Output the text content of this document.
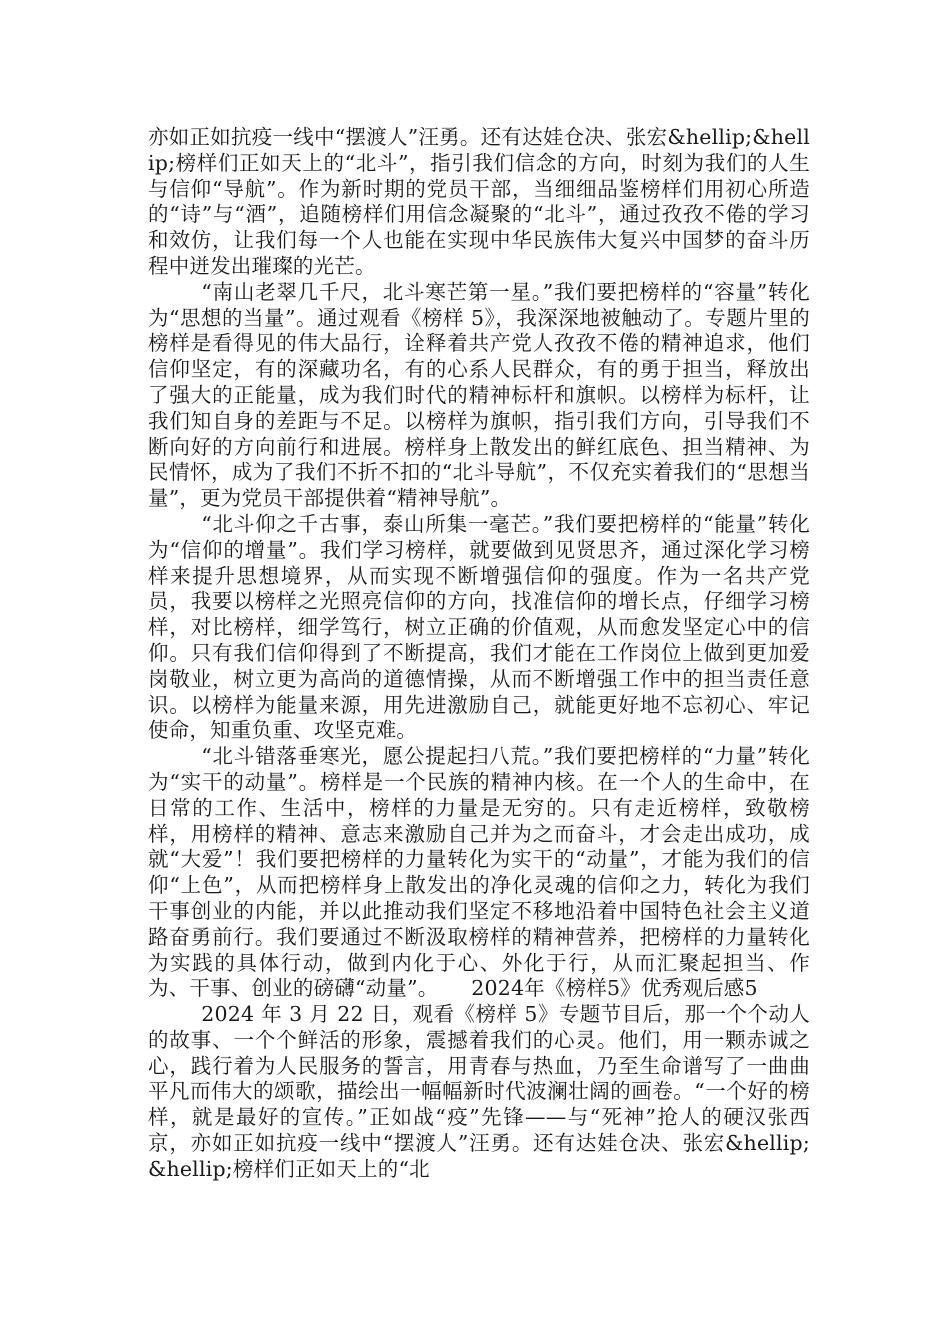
亦如正如抗疫一线中“摆渡人”汪勇。还有达娃仓决、张宏&hellip;&hellip;榜样们正如天上的“北斗”，指引我们信念的方向，时刻为我们的人生与信仰“导航”。作为新时期的党员干部，当细细品鉴榜样们用初心所造的“诗”与“酒”，追随榜样们用信念凝聚的“北斗”，通过孜孜不倦的学习和效仿，让我们每一个人也能在实现中华民族伟大复兴中国梦的奋斗历程中迸发出璀璨的光芒。

“南山老翠几千尺，北斗寒芒第一星。”我们要把榜样的“容量”转化为“思想的当量”。通过观看《榜样 5》，我深深地被触动了。专题片里的榜样是看得见的伟大品行，诠释着共产党人孜孜不倦的精神追求，他们信仰坚定，有的深藏功名，有的心系人民群众，有的勇于担当，释放出了强大的正能量，成为我们时代的精神标杆和旗帜。以榜样为标杆，让我们知自身的差距与不足。以榜样为旗帜，指引我们方向，引导我们不断向好的方向前行和进展。榜样身上散发出的鲜红底色、担当精神、为民情怀，成为了我们不折不扣的“北斗导航”，不仅充实着我们的“思想当量”，更为党员干部提供着“精神导航”。

“北斗仰之千古事，泰山所集一毫芒。”我们要把榜样的“能量”转化为“信仰的增量”。我们学习榜样，就要做到见贤思齐，通过深化学习榜样来提升思想境界，从而实现不断增强信仰的强度。作为一名共产党员，我要以榜样之光照亮信仰的方向，找准信仰的增长点，仔细学习榜样，对比榜样，细学笃行，树立正确的价值观，从而愈发坚定心中的信仰。只有我们信仰得到了不断提高，我们才能在工作岗位上做到更加爱岗敬业，树立更为高尚的道德情操，从而不断增强工作中的担当责任意识。以榜样为能量来源，用先进激励自己，就能更好地不忘初心、牢记使命，知重负重、攻坚克难。

“北斗错落垂寒光，愿公提起扫八荒。”我们要把榜样的“力量”转化为“实干的动量”。榜样是一个民族的精神内核。在一个人的生命中，在日常的工作、生活中，榜样的力量是无穷的。只有走近榜样，致敬榜样，用榜样的精神、意志来激励自己并为之而奋斗，才会走出成功，成就“大爱”！我们要把榜样的力量转化为实干的“动量”，才能为我们的信仰“上色”，从而把榜样身上散发出的净化灵魂的信仰之力，转化为我们干事创业的内能，并以此推动我们坚定不移地沿着中国特色社会主义道路奋勇前行。我们要通过不断汲取榜样的精神营养，把榜样的力量转化为实践的具体行动，做到内化于心、外化于行，从而汇聚起担当、作为、干事、创业的磅礴“动量”。 2024年《榜样5》优秀观后感5

2024 年 3 月 22 日，观看《榜样 5》专题节目后，那一个个动人的故事、一个个鲜活的形象，震撼着我们的心灵。他们，用一颗赤诚之心，践行着为人民服务的誓言，用青春与热血，乃至生命谱写了一曲曲平凡而伟大的颂歌，描绘出一幅幅新时代波澜壮阔的画卷。“一个好的榜样，就是最好的宣传。”正如战“疫”先锋——与“死神”抢人的硬汉张西京，亦如正如抗疫一线中“摆渡人”汪勇。还有达娃仓决、张宏&hellip;&hellip;榜样们正如天上的“北
